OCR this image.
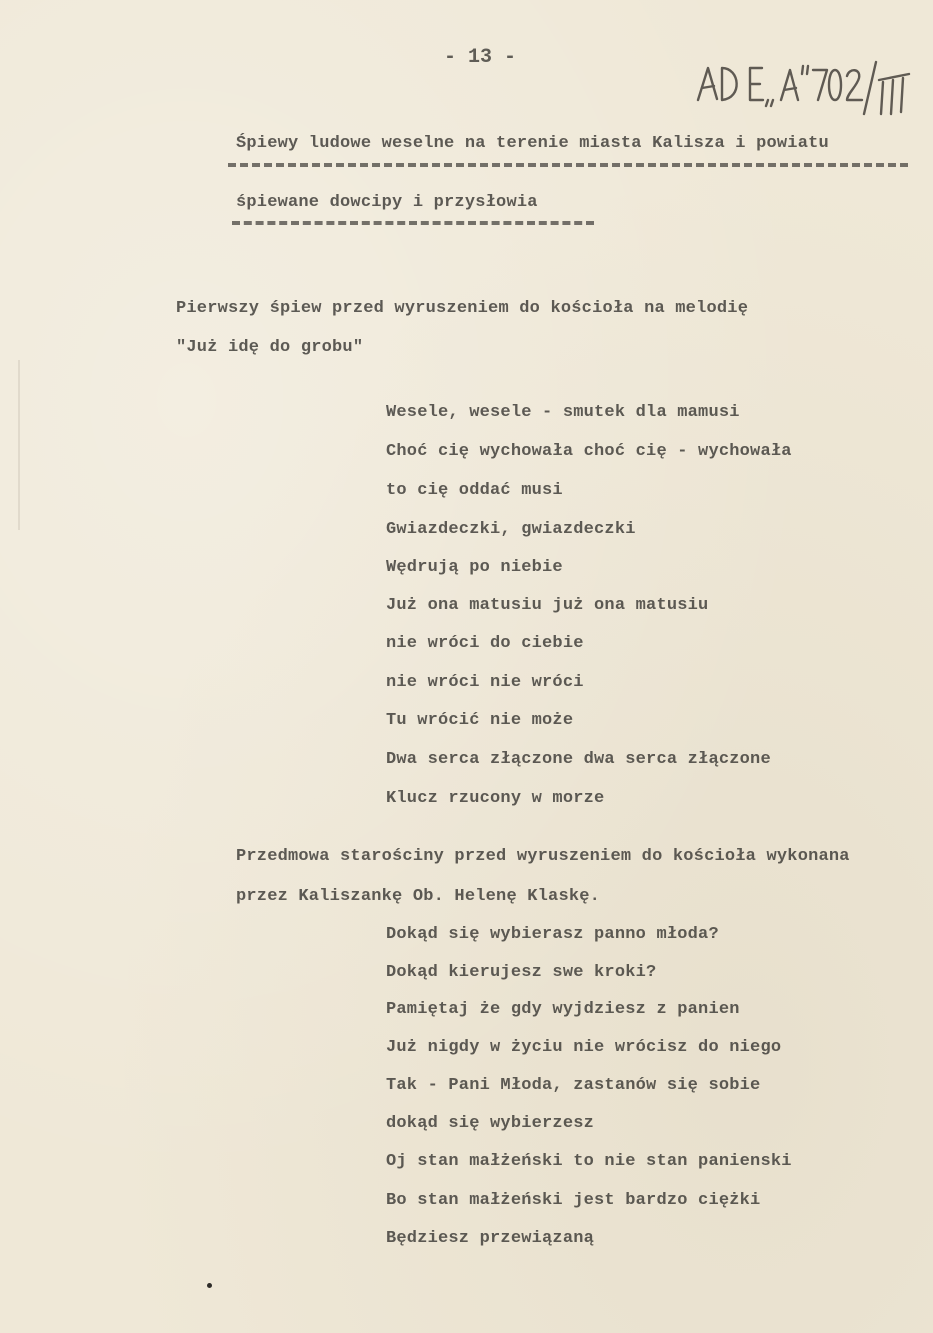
- 13 -
Śpiewy ludowe weselne na terenie miasta Kalisza i powiatu
śpiewane dowcipy i przysłowia
Pierwszy śpiew przed wyruszeniem do kościoła na melodię
"Już idę do grobu"
Wesele, wesele - smutek dla mamusi
Choć cię wychowała choć cię - wychowała
to cię oddać musi
Gwiazdeczki, gwiazdeczki
Wędrują po niebie
Już ona matusiu już ona matusiu
nie wróci do ciebie
nie wróci nie wróci
Tu wrócić nie może
Dwa serca złączone dwa serca złączone
Klucz rzucony w morze
Przedmowa starościny przed wyruszeniem do kościoła wykonana
przez Kaliszankę Ob. Helenę Klaskę.
Dokąd się wybierasz panno młoda?
Dokąd kierujesz swe kroki?
Pamiętaj że gdy wyjdziesz z panien
Już nigdy w życiu nie wrócisz do niego
Tak - Pani Młoda, zastanów się sobie
dokąd się wybierzesz
Oj stan małżeński to nie stan panienski
Bo stan małżeński jest bardzo ciężki
Będziesz przewiązaną
